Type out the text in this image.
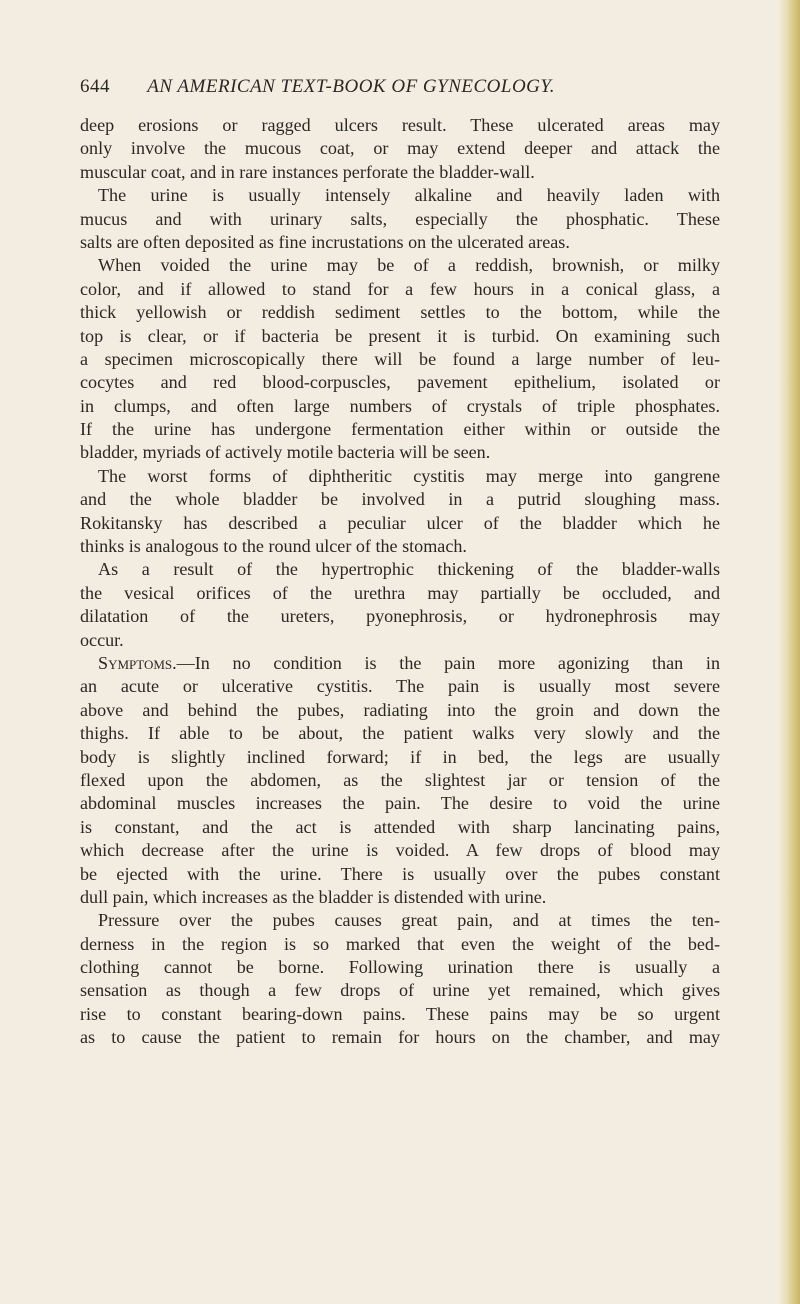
644 AN AMERICAN TEXT-BOOK OF GYNECOLOGY.
deep erosions or ragged ulcers result. These ulcerated areas may
only involve the mucous coat, or may extend deeper and attack the
muscular coat, and in rare instances perforate the bladder-wall.
The urine is usually intensely alkaline and heavily laden with
mucus and with urinary salts, especially the phosphatic. These
salts are often deposited as fine incrustations on the ulcerated areas.
When voided the urine may be of a reddish, brownish, or milky
color, and if allowed to stand for a few hours in a conical glass, a
thick yellowish or reddish sediment settles to the bottom, while the
top is clear, or if bacteria be present it is turbid. On examining such
a specimen microscopically there will be found a large number of leu-
cocytes and red blood-corpuscles, pavement epithelium, isolated or
in clumps, and often large numbers of crystals of triple phosphates.
If the urine has undergone fermentation either within or outside the
bladder, myriads of actively motile bacteria will be seen.
The worst forms of diphtheritic cystitis may merge into gangrene
and the whole bladder be involved in a putrid sloughing mass.
Rokitansky has described a peculiar ulcer of the bladder which he
thinks is analogous to the round ulcer of the stomach.
As a result of the hypertrophic thickening of the bladder-walls
the vesical orifices of the urethra may partially be occluded, and
dilatation of the ureters, pyonephrosis, or hydronephrosis may
occur.
Symptoms.—In no condition is the pain more agonizing than in
an acute or ulcerative cystitis. The pain is usually most severe
above and behind the pubes, radiating into the groin and down the
thighs. If able to be about, the patient walks very slowly and the
body is slightly inclined forward; if in bed, the legs are usually
flexed upon the abdomen, as the slightest jar or tension of the
abdominal muscles increases the pain. The desire to void the urine
is constant, and the act is attended with sharp lancinating pains,
which decrease after the urine is voided. A few drops of blood may
be ejected with the urine. There is usually over the pubes constant
dull pain, which increases as the bladder is distended with urine.
Pressure over the pubes causes great pain, and at times the ten-
derness in the region is so marked that even the weight of the bed-
clothing cannot be borne. Following urination there is usually a
sensation as though a few drops of urine yet remained, which gives
rise to constant bearing-down pains. These pains may be so urgent
as to cause the patient to remain for hours on the chamber, and may
